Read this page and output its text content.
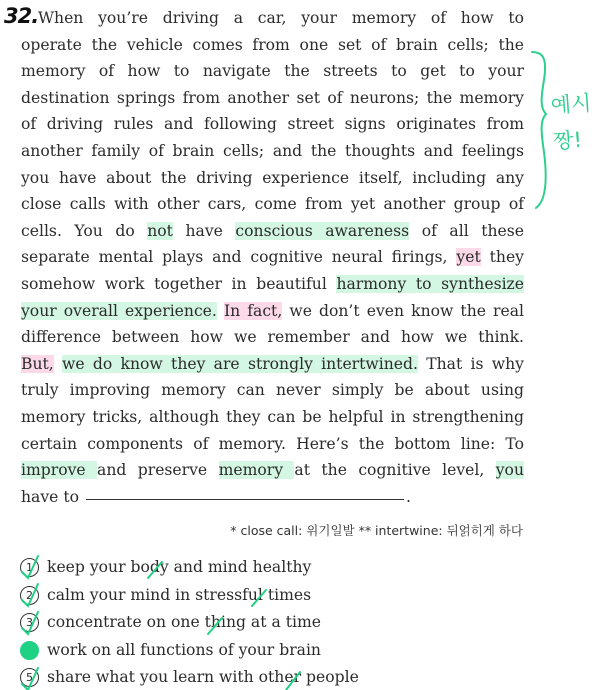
32. When you’re driving a car, your memory of how to
operate the vehicle comes from one set of brain cells; the
memory of how to navigate the streets to get to your
destination springs from another set of neurons; the memory
of driving rules and following street signs originates from
another family of brain cells; and the thoughts and feelings
you have about the driving experience itself, including any
close calls with other cars, come from yet another group of
cells. You do not have conscious awareness of all these
separate mental plays and cognitive neural firings, yet they
somehow work together in beautiful harmony to synthesize
your overall experience. In fact, we don’t even know the real
difference between how we remember and how we think.
But, we do know they are strongly intertwined. That is why
truly improving memory can never simply be about using
memory tricks, although they can be helpful in strengthening
certain components of memory. Here’s the bottom line: To
improve and preserve memory at the cognitive level, you
have to	.
* close call: 위기일발 ** intertwine: 뒤얽히게 하다
1 keep your body and mind healthy
2 calm your mind in stressful times
3 concentrate on one thing at a time
work on all functions of your brain
5 share what you learn with other people
예시 짱!
